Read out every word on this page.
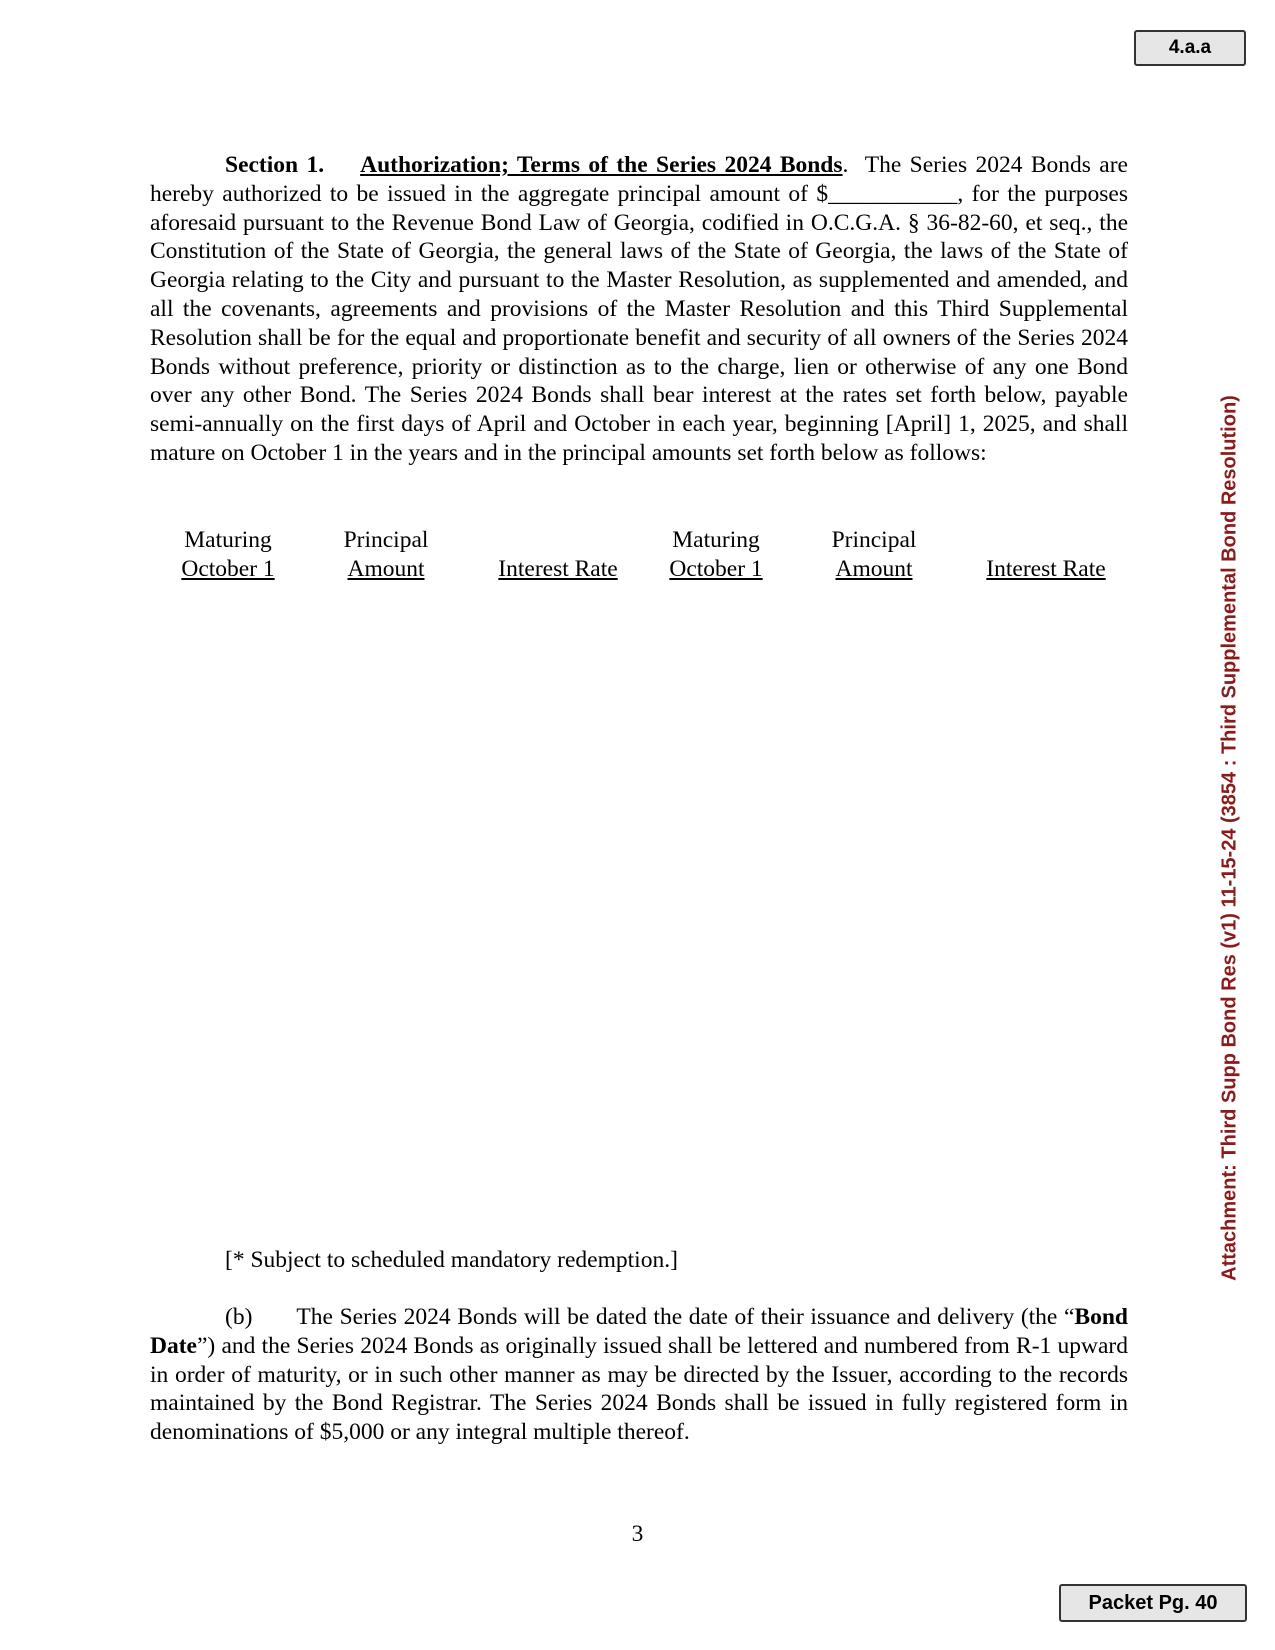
4.a.a
Attachment: Third Supp Bond Res (v1) 11-15-24 (3854 : Third Supplemental Bond Resolution)

Section 1. Authorization; Terms of the Series 2024 Bonds. The Series 2024 Bonds are hereby authorized to be issued in the aggregate principal amount of $___________, for the purposes aforesaid pursuant to the Revenue Bond Law of Georgia, codified in O.C.G.A. § 36-82-60, et seq., the Constitution of the State of Georgia, the general laws of the State of Georgia, the laws of the State of Georgia relating to the City and pursuant to the Master Resolution, as supplemented and amended, and all the covenants, agreements and provisions of the Master Resolution and this Third Supplemental Resolution shall be for the equal and proportionate benefit and security of all owners of the Series 2024 Bonds without preference, priority or distinction as to the charge, lien or otherwise of any one Bond over any other Bond. The Series 2024 Bonds shall bear interest at the rates set forth below, payable semi-annually on the first days of April and October in each year, beginning [April] 1, 2025, and shall mature on October 1 in the years and in the principal amounts set forth below as follows:

Maturing
October 1
Principal
Amount
	Interest Rate
Maturing
October 1
Principal
Amount
	Interest Rate

[* Subject to scheduled mandatory redemption.]

(b) The Series 2024 Bonds will be dated the date of their issuance and delivery (the “Bond Date”) and the Series 2024 Bonds as originally issued shall be lettered and numbered from R-1 upward in order of maturity, or in such other manner as may be directed by the Issuer, according to the records maintained by the Bond Registrar. The Series 2024 Bonds shall be issued in fully registered form in denominations of $5,000 or any integral multiple thereof.

3
Packet Pg. 40
